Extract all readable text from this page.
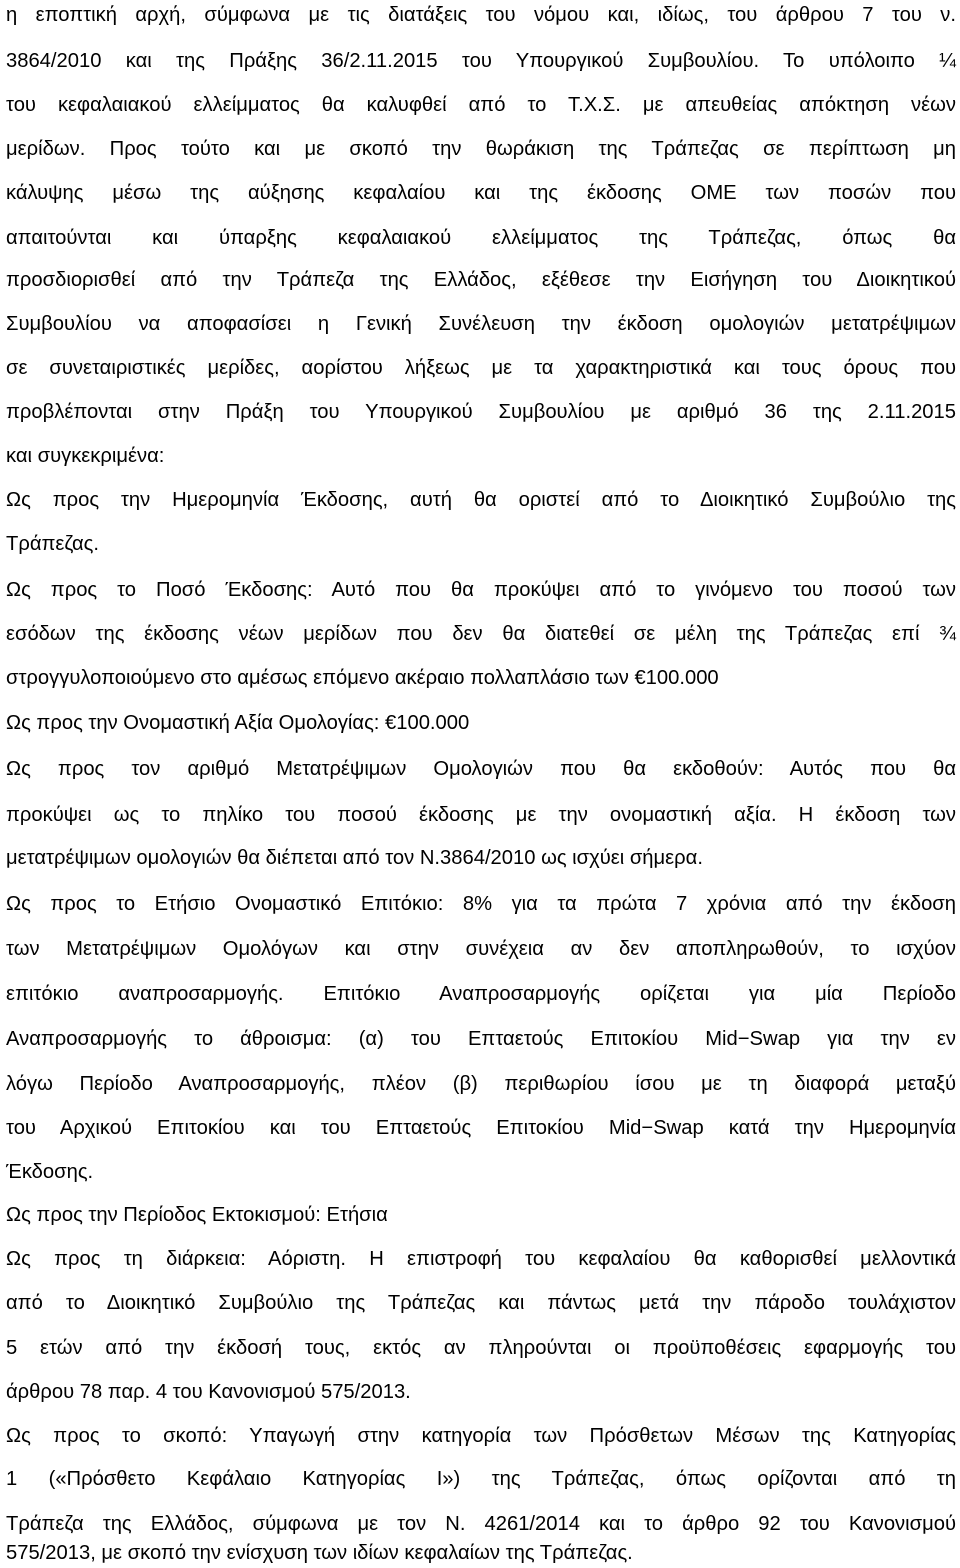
η εποπτική αρχή, σύμφωνα με τις διατάξεις του νόμου και, ιδίως, του άρθρου 7 του ν.
3864/2010 και της Πράξης 36/2.11.2015 του Υπουργικού Συμβουλίου. Το υπόλοιπο ¼
του κεφαλαιακού ελλείμματος θα καλυφθεί από το Τ.Χ.Σ. με απευθείας απόκτηση νέων
μερίδων. Προς τούτο και με σκοπό την θωράκιση της Τράπεζας σε περίπτωση μη
κάλυψης μέσω της αύξησης κεφαλαίου και της έκδοσης ΟΜΕ των ποσών που
απαιτούνται και ύπαρξης κεφαλαιακού ελλείμματος της Τράπεζας, όπως θα
προσδιορισθεί από την Τράπεζα της Ελλάδος, εξέθεσε την Εισήγηση του Διοικητικού
Συμβουλίου να αποφασίσει η Γενική Συνέλευση την έκδοση ομολογιών μετατρέψιμων
σε συνεταιριστικές μερίδες, αορίστου λήξεως με τα χαρακτηριστικά και τους όρους που
προβλέπονται στην Πράξη του Υπουργικού Συμβουλίου με αριθμό 36 της 2.11.2015
και συγκεκριμένα:
Ως προς την Ημερομηνία Έκδοσης, αυτή θα οριστεί από το Διοικητικό Συμβούλιο της
Τράπεζας.
Ως προς το Ποσό Έκδοσης: Αυτό που θα προκύψει από το γινόμενο του ποσού των
εσόδων της έκδοσης νέων μερίδων που δεν θα διατεθεί σε μέλη της Τράπεζας επί ¾
στρογγυλοποιούμενο στο αμέσως επόμενο ακέραιο πολλαπλάσιο των €100.000
Ως προς την Ονομαστική Αξία Ομολογίας: €100.000
Ως προς τον αριθμό Μετατρέψιμων Ομολογιών που θα εκδοθούν: Αυτός που θα
προκύψει ως το πηλίκο του ποσού έκδοσης με την ονομαστική αξία. Η έκδοση των
μετατρέψιμων ομολογιών θα διέπεται από τον Ν.3864/2010 ως ισχύει σήμερα.
Ως προς το Ετήσιο Ονομαστικό Επιτόκιο: 8% για τα πρώτα 7 χρόνια από την έκδοση
των Μετατρέψιμων Ομολόγων και στην συνέχεια αν δεν αποπληρωθούν, το ισχύον
επιτόκιο αναπροσαρμογής. Επιτόκιο Αναπροσαρμογής ορίζεται για μία Περίοδο
Αναπροσαρμογής το άθροισμα: (α) του Επταετούς Επιτοκίου Mid−Swap για την εν
λόγω Περίοδο Αναπροσαρμογής, πλέον (β) περιθωρίου ίσου με τη διαφορά μεταξύ
του Αρχικού Επιτοκίου και του Επταετούς Επιτοκίου Mid−Swap κατά την Ημερομηνία
Έκδοσης.
Ως προς την Περίοδος Εκτοκισμού: Ετήσια
Ως προς τη διάρκεια: Αόριστη. Η επιστροφή του κεφαλαίου θα καθορισθεί μελλοντικά
από το Διοικητικό Συμβούλιο της Τράπεζας και πάντως μετά την πάροδο τουλάχιστον
5 ετών από την έκδοσή τους, εκτός αν πληρούνται οι προϋποθέσεις εφαρμογής του
άρθρου 78 παρ. 4 του Κανονισμού 575/2013.
Ως προς το σκοπό: Υπαγωγή στην κατηγορία των Πρόσθετων Μέσων της Κατηγορίας
1 («Πρόσθετο Κεφάλαιο Κατηγορίας Ι») της Τράπεζας, όπως ορίζονται από τη
Τράπεζα της Ελλάδος, σύμφωνα με τον Ν. 4261/2014 και το άρθρο 92 του Κανονισμού
575/2013, με σκοπό την ενίσχυση των ιδίων κεφαλαίων της Τράπεζας.
